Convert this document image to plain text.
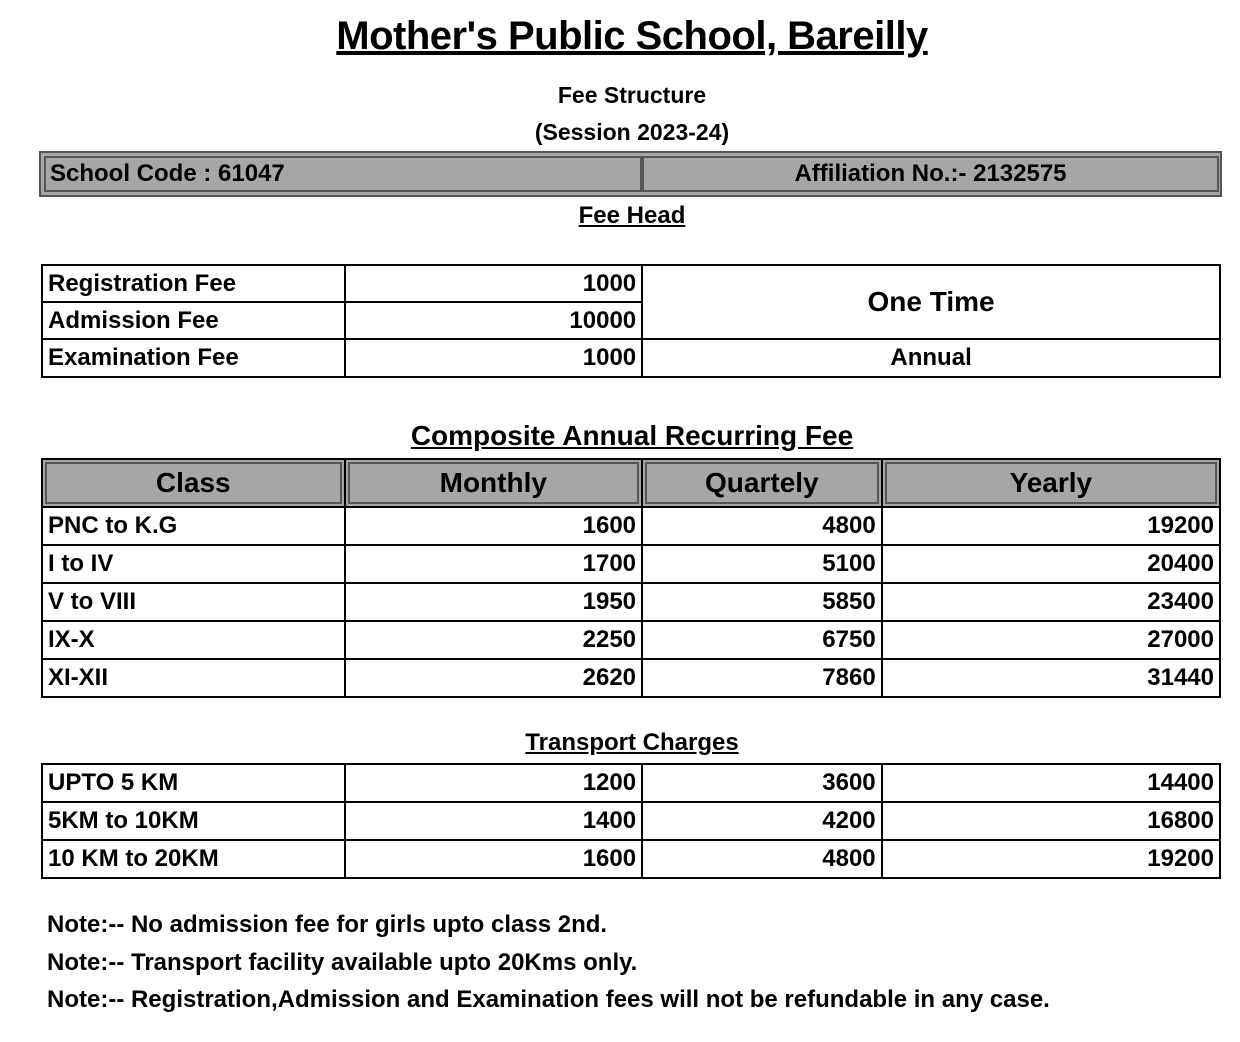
Mother's Public School, Bareilly
Fee Structure
(Session 2023-24)
School Code : 61047	Affiliation No.:- 2132575
Fee Head
Registration Fee	1000	One Time
Admission Fee	10000	
Examination Fee	1000	Annual
Composite Annual Recurring Fee
Class	Monthly	Quartely	Yearly
PNC to K.G	1600	4800	19200
I to IV	1700	5100	20400
V to VIII	1950	5850	23400
IX-X	2250	6750	27000
XI-XII	2620	7860	31440
Transport Charges
UPTO 5 KM	1200	3600	14400
5KM to 10KM	1400	4200	16800
10 KM to 20KM	1600	4800	19200
Note:-- No admission fee for girls upto class 2nd.
Note:-- Transport facility available upto 20Kms only.
Note:-- Registration,Admission and Examination fees will not be refundable in any case.
